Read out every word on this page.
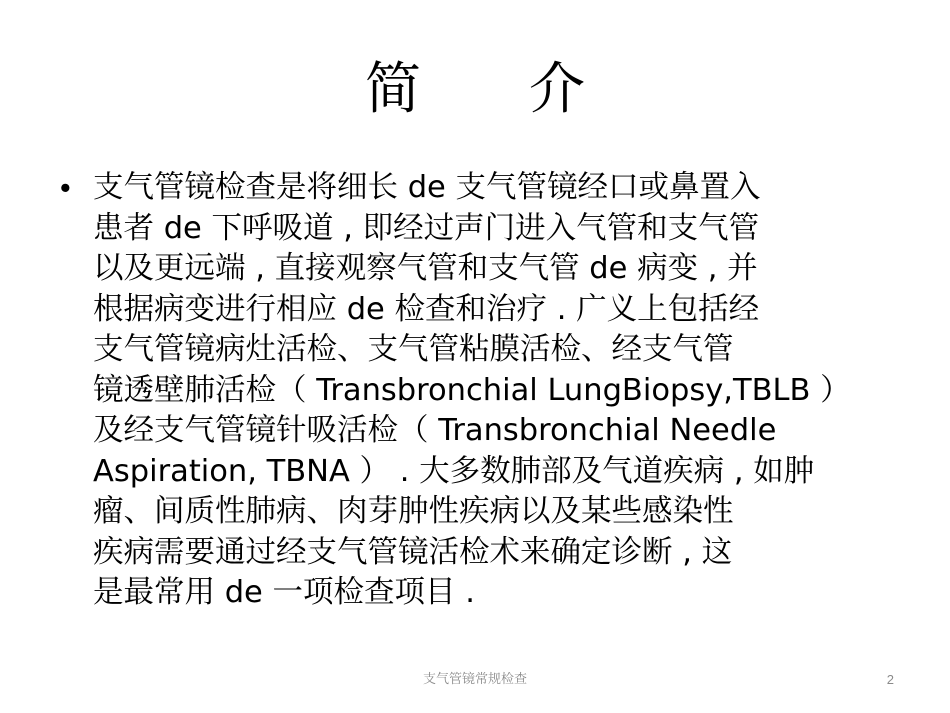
简介
• 支气管镜检查是将细长 de 支气管镜经口或鼻置入
患者 de 下呼吸道 , 即经过声门进入气管和支气管
以及更远端 , 直接观察气管和支气管 de 病变 , 并
根据病变进行相应 de 检查和治疗 . 广义上包括经
支气管镜病灶活检、支气管粘膜活检、经支气管
镜透壁肺活检（ Transbronchial LungBiopsy,TBLB ）
及经支气管镜针吸活检（ Transbronchial Needle
Aspiration, TBNA ） . 大多数肺部及气道疾病 , 如肿
瘤、间质性肺病、肉芽肿性疾病以及某些感染性
疾病需要通过经支气管镜活检术来确定诊断 , 这
是最常用 de 一项检查项目 .
支气管镜常规检查	2
